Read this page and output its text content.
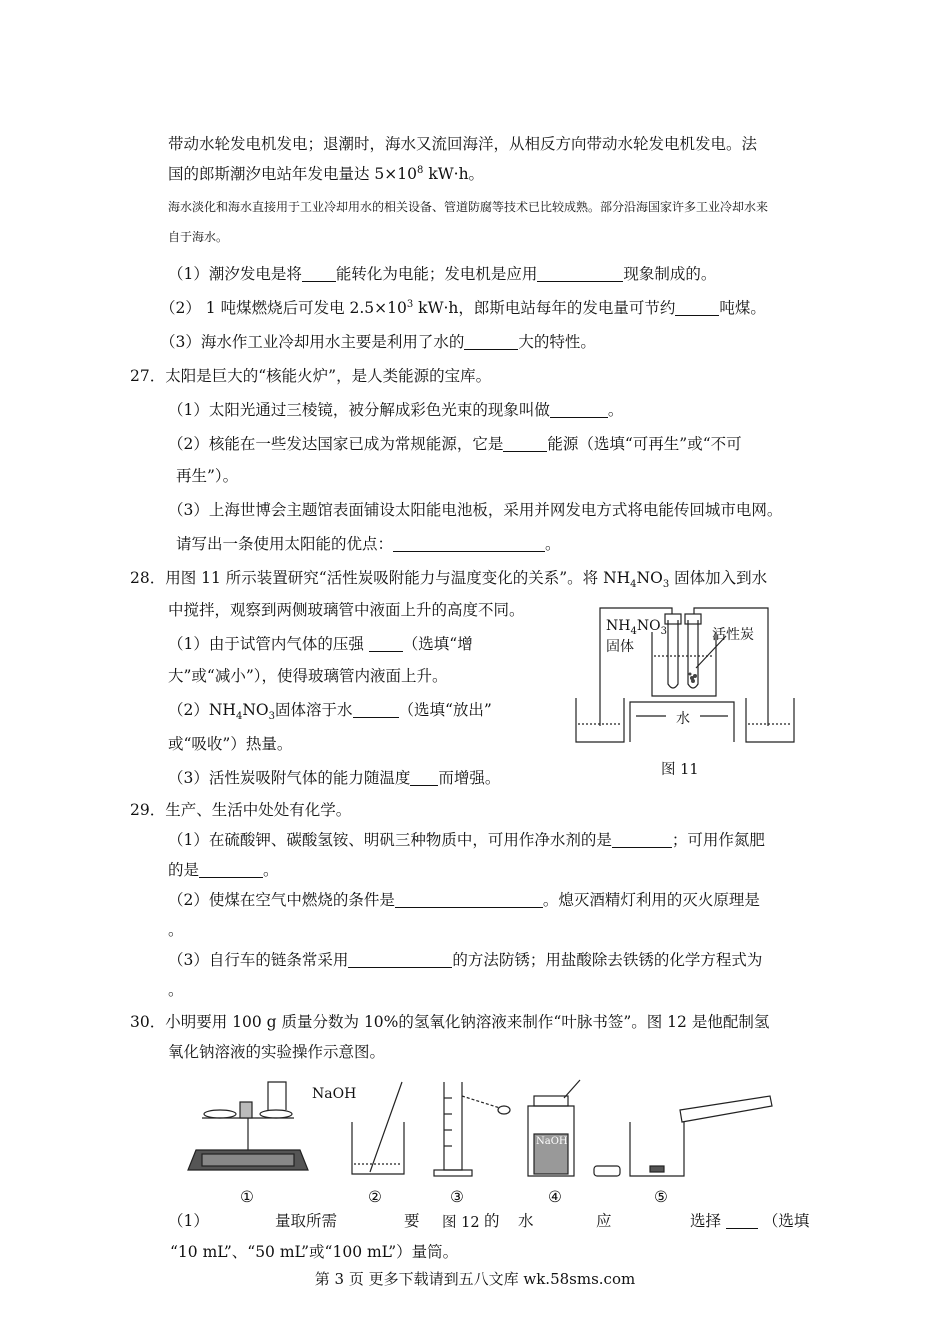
带动水轮发电机发电；退潮时，海水又流回海洋，从相反方向带动水轮发电机发电。法
国的郎斯潮汐电站年发电量达 $5\times 10^8$ kW·h。
海水淡化和海水直接用于工业冷却用水的相关设备、管道防腐等技术已比较成熟。部分沿海国家许多工业冷却水来
自于海水。
（1）潮汐发电是将 能转化为电能；发电机是应用	现象制成的。
（2） 1 吨煤燃烧后可发电 $2.5\times 10^3$ kW·h，郎斯电站每年的发电量可节约	吨煤。
（3）海水作工业冷却用水主要是利用了水的	大的特性。
27．太阳是巨大的“核能火炉”，是人类能源的宝库。
（1）太阳光通过三棱镜，被分解成彩色光束的现象叫做	。
（2）核能在一些发达国家已成为常规能源，它是	能源（选填“可再生”或“不可
再生”）。
（3）上海世博会主题馆表面铺设太阳能电池板，采用并网发电方式将电能传回城市电网。
请写出一条使用太阳能的优点：	。
28．用图 11 所示装置研究“活性炭吸附能力与温度变化的关系”。将 $NH_4NO_3$ 固体加入到水
中搅拌，观察到两侧玻璃管中液面上升的高度不同。
（1）由于试管内气体的压强 （选填“增
大”或“减小”），使得玻璃管内液面上升。
$(2)NH_4NO_3$固体溶于水	（选填“放出”
或“吸收”）热量。
（3）活性炭吸附气体的能力随温度 而增强。
$NH_4NO_3$
固体
活性炭
水
图 11
29．生产、生活中处处有化学。
（1）在硫酸钾、碳酸氢铵、明矾三种物质中，可用作净水剂的是	；可用作氮肥
的是	。
（2）使煤在空气中燃烧的条件是	。熄灭酒精灯利用的灭火原理是
。
（3）自行车的链条常采用	的方法防锈；用盐酸除去铁锈的化学方程式为
。
30．小明要用 100 g 质量分数为 10%的氢氧化钠溶液来制作“叶脉书签”。图 12 是他配制氢
氧化钠溶液的实验操作示意图。
NaOH
NaOH
①	②	③	④	⑤
（1）	量取所需	要 图 12 的 水	应	选择	（选填
“10 mL”、“50 mL”或“100 mL”）量筒。
第 3 页 更多下载请到五八文库 wk.58sms.com
